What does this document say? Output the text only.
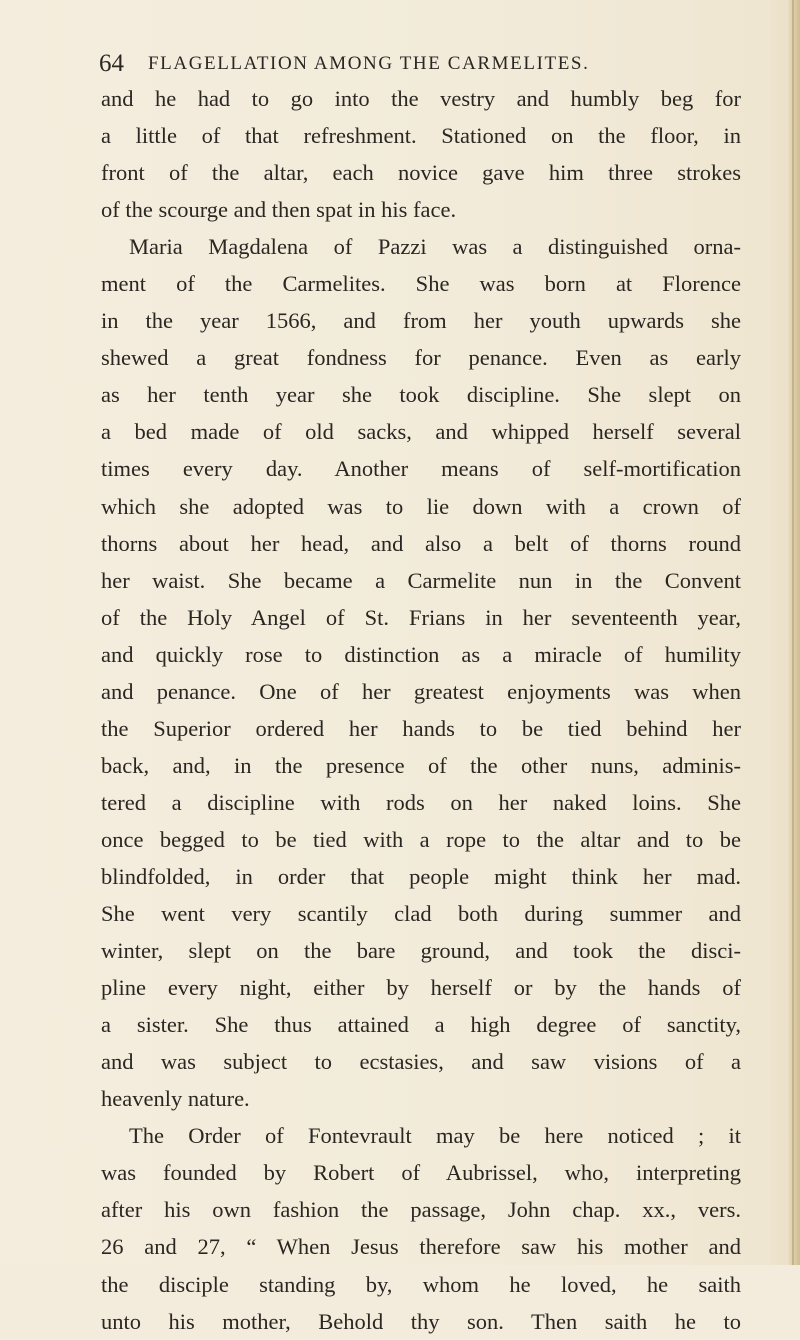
64 FLAGELLATION AMONG THE CARMELITES.
and he had to go into the vestry and humbly beg for
a little of that refreshment. Stationed on the floor, in
front of the altar, each novice gave him three strokes
of the scourge and then spat in his face.
Maria Magdalena of Pazzi was a distinguished orna-
ment of the Carmelites. She was born at Florence
in the year 1566, and from her youth upwards she
shewed a great fondness for penance. Even as early
as her tenth year she took discipline. She slept on
a bed made of old sacks, and whipped herself several
times every day. Another means of self-mortification
which she adopted was to lie down with a crown of
thorns about her head, and also a belt of thorns round
her waist. She became a Carmelite nun in the Convent
of the Holy Angel of St. Frians in her seventeenth year,
and quickly rose to distinction as a miracle of humility
and penance. One of her greatest enjoyments was when
the Superior ordered her hands to be tied behind her
back, and, in the presence of the other nuns, adminis-
tered a discipline with rods on her naked loins. She
once begged to be tied with a rope to the altar and to be
blindfolded, in order that people might think her mad.
She went very scantily clad both during summer and
winter, slept on the bare ground, and took the disci-
pline every night, either by herself or by the hands of
a sister. She thus attained a high degree of sanctity,
and was subject to ecstasies, and saw visions of a
heavenly nature.
The Order of Fontevrault may be here noticed ; it
was founded by Robert of Aubrissel, who, interpreting
after his own fashion the passage, John chap. xx., vers.
26 and 27, “ When Jesus therefore saw his mother and
the disciple standing by, whom he loved, he saith
unto his mother, Behold thy son. Then saith he to
